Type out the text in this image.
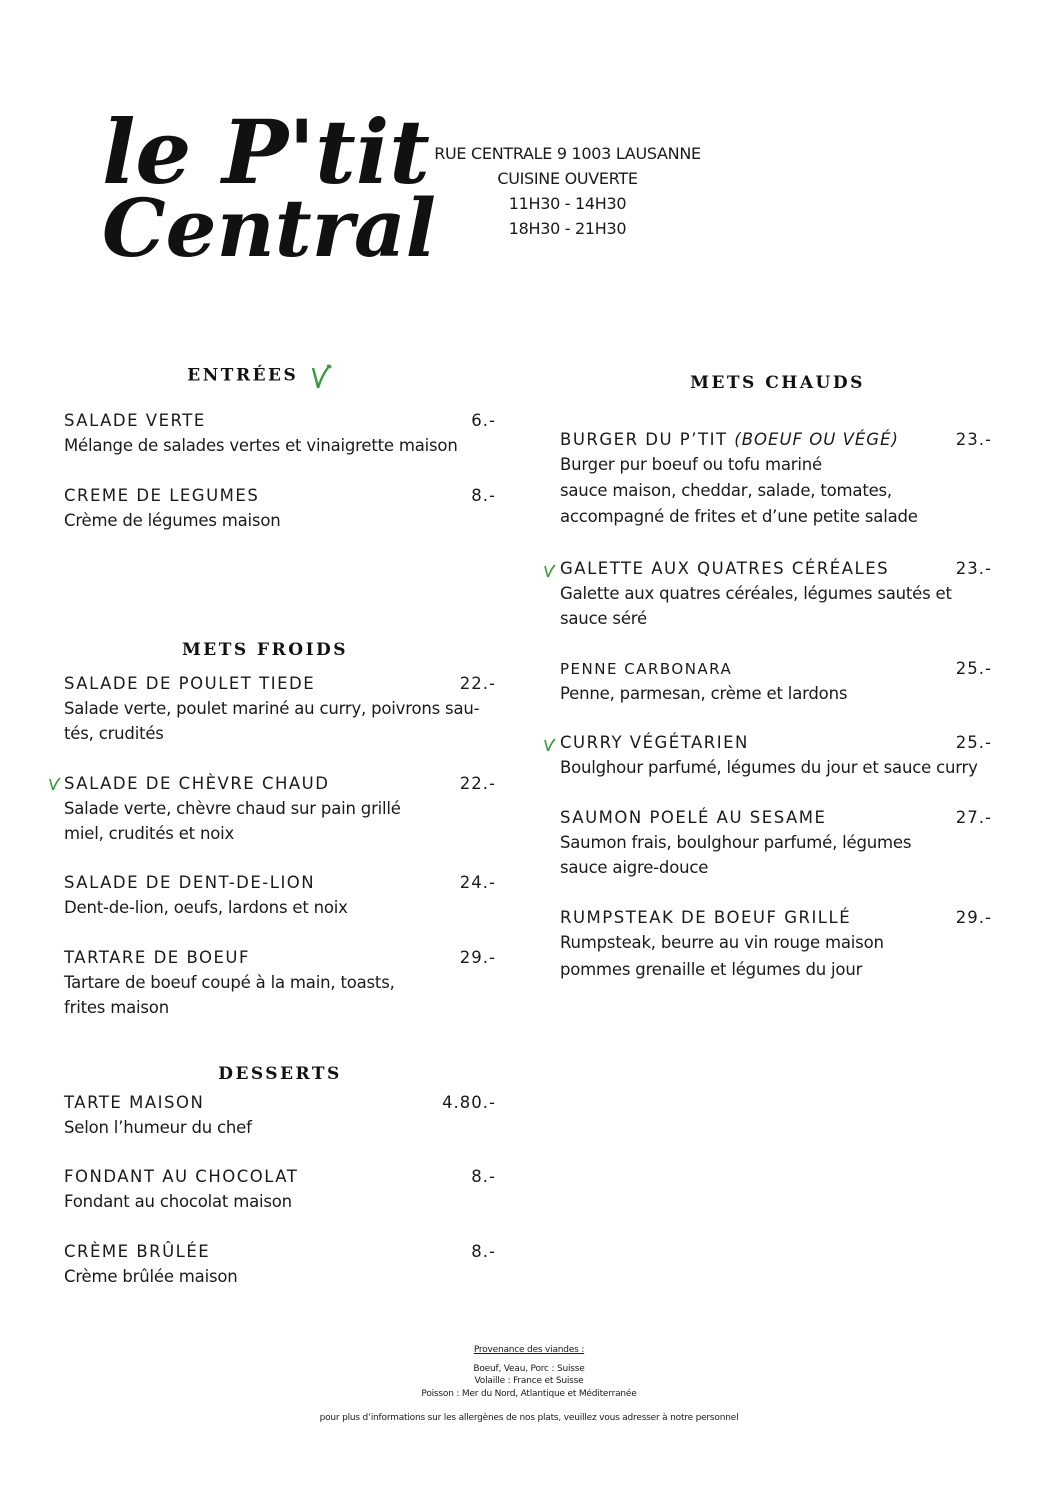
le P'tit
Central
RUE CENTRALE 9 1003 LAUSANNE
CUISINE OUVERTE
11H30 - 14H30
18H30 - 21H30
ENTRÉES
SALADE VERTE	6.-
Mélange de salades vertes et vinaigrette maison
CREME DE LEGUMES	8.-
Crème de légumes maison
METS FROIDS
SALADE DE POULET TIEDE	22.-
Salade verte, poulet mariné au curry, poivrons sau-
tés, crudités
SALADE DE CHÈVRE CHAUD	22.-
Salade verte, chèvre chaud sur pain grillé
miel, crudités et noix
SALADE DE DENT-DE-LION	24.-
Dent-de-lion, oeufs, lardons et noix
TARTARE DE BOEUF	29.-
Tartare de boeuf coupé à la main, toasts,
frites maison
DESSERTS
TARTE MAISON	4.80.-
Selon l’humeur du chef
FONDANT AU CHOCOLAT	8.-
Fondant au chocolat maison
CRÈME BRÛLÉE	8.-
Crème brûlée maison
METS CHAUDS
BURGER DU P’TIT (BOEUF OU VÉGÉ)	23.-
Burger pur boeuf ou tofu mariné
sauce maison, cheddar, salade, tomates,
accompagné de frites et d’une petite salade
GALETTE AUX QUATRES CÉRÉALES	23.-
Galette aux quatres céréales, légumes sautés et
sauce séré
PENNE CARBONARA	25.-
Penne, parmesan, crème et lardons
CURRY VÉGÉTARIEN	25.-
Boulghour parfumé, légumes du jour et sauce curry
SAUMON POELÉ AU SESAME	27.-
Saumon frais, boulghour parfumé, légumes
sauce aigre-douce
RUMPSTEAK DE BOEUF GRILLÉ	29.-
Rumpsteak, beurre au vin rouge maison
pommes grenaille et légumes du jour
Provenance des viandes :
Boeuf, Veau, Porc : Suisse
Volaille : France et Suisse
Poisson : Mer du Nord, Atlantique et Méditerranée
pour plus d’informations sur les allergènes de nos plats, veuillez vous adresser à notre personnel
